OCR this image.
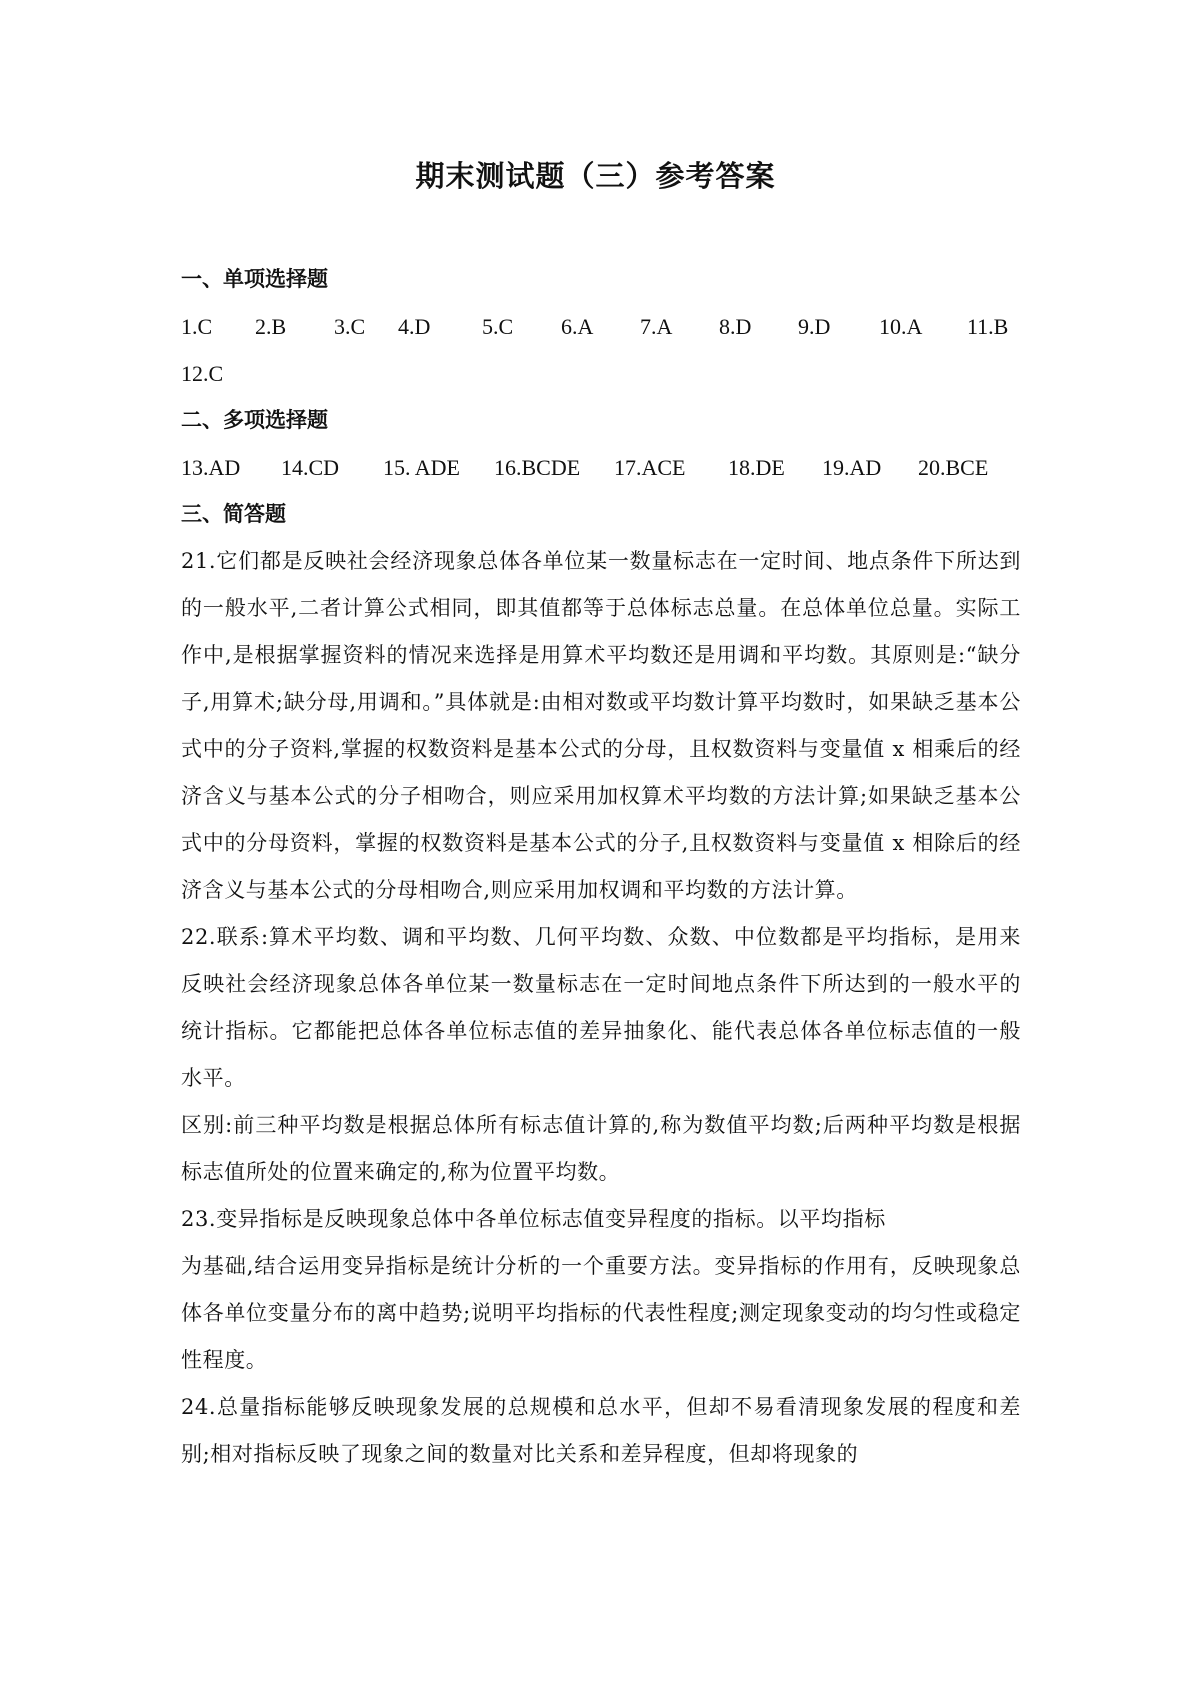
期末测试题（三）参考答案
一、单项选择题
1.C 2.B 3.C 4.D 5.C 6.A 7.A 8.D 9.D 10.A 11.B
12.C
二、多项选择题
13.AD 14.CD 15. ADE 16.BCDE 17.ACE 18.DE 19.AD 20.BCE
三、简答题

21.它们都是反映社会经济现象总体各单位某一数量标志在一定时间、地点条件下所达到的一般水平,二者计算公式相同，即其值都等于总体标志总量。在总体单位总量。实际工作中,是根据掌握资料的情况来选择是用算术平均数还是用调和平均数。其原则是:“缺分子,用算术;缺分母,用调和。”具体就是:由相对数或平均数计算平均数时，如果缺乏基本公式中的分子资料,掌握的权数资料是基本公式的分母，且权数资料与变量值 x 相乘后的经济含义与基本公式的分子相吻合，则应采用加权算术平均数的方法计算;如果缺乏基本公式中的分母资料，掌握的权数资料是基本公式的分子,且权数资料与变量值 x 相除后的经济含义与基本公式的分母相吻合,则应采用加权调和平均数的方法计算。

22.联系:算术平均数、调和平均数、几何平均数、众数、中位数都是平均指标，是用来反映社会经济现象总体各单位某一数量标志在一定时间地点条件下所达到的一般水平的统计指标。它都能把总体各单位标志值的差异抽象化、能代表总体各单位标志值的一般水平。

区别:前三种平均数是根据总体所有标志值计算的,称为数值平均数;后两种平均数是根据标志值所处的位置来确定的,称为位置平均数。

23.变异指标是反映现象总体中各单位标志值变异程度的指标。以平均指标

为基础,结合运用变异指标是统计分析的一个重要方法。变异指标的作用有，反映现象总体各单位变量分布的离中趋势;说明平均指标的代表性程度;测定现象变动的均匀性或稳定性程度。

24.总量指标能够反映现象发展的总规模和总水平，但却不易看清现象发展的程度和差别;相对指标反映了现象之间的数量对比关系和差异程度，但却将现象的
